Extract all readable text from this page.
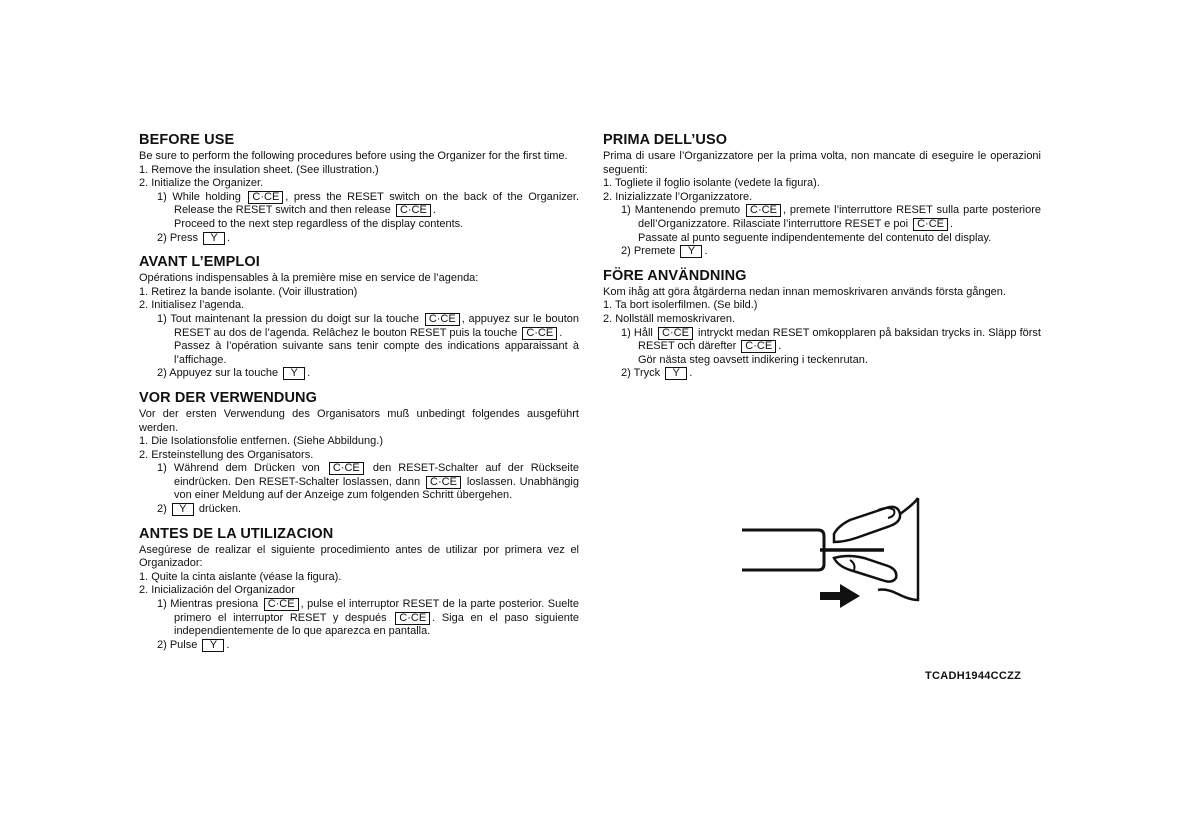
BEFORE USE

Be sure to perform the following procedures before using the Organizer for the first time.

1. Remove the insulation sheet. (See illustration.)

2. Initialize the Organizer.

1) While holding C·CE , press the RESET switch on the back of the Organizer. Release the RESET switch and then release C·CE .

Proceed to the next step regardless of the display contents.

2) Press Y .

AVANT L’EMPLOI

Opérations indispensables à la première mise en service de l’agenda:

1. Retirez la bande isolante. (Voir illustration)

2. Initialisez l’agenda.

1) Tout maintenant la pression du doigt sur la touche C·CE , appuyez sur le bouton RESET au dos de l’agenda. Relâchez le bouton RESET puis la touche C·CE .

Passez à l’opération suivante sans tenir compte des indications apparaissant à l’affichage.

2) Appuyez sur la touche Y .

VOR DER VERWENDUNG

Vor der ersten Verwendung des Organisators muß unbedingt folgendes ausgeführt werden.

1. Die Isolationsfolie entfernen. (Siehe Abbildung.)

2. Ersteinstellung des Organisators.

1) Während dem Drücken von C·CE den RESET-Schalter auf der Rückseite eindrücken. Den RESET-Schalter loslassen, dann C·CE loslassen. Unabhängig von einer Meldung auf der Anzeige zum folgenden Schritt übergehen.

2) Y drücken.

ANTES DE LA UTILIZACION

Asegúrese de realizar el siguiente procedimiento antes de utilizar por primera vez el Organizador:

1. Quite la cinta aislante (véase la figura).

2. Inicialización del Organizador

1) Mientras presiona C·CE , pulse el interruptor RESET de la parte posterior. Suelte primero el interruptor RESET y después C·CE . Siga en el paso siguiente independientemente de lo que aparezca en pantalla.

2) Pulse Y .

PRIMA DELL’USO

Prima di usare l’Organizzatore per la prima volta, non mancate di eseguire le operazioni seguenti:

1. Togliete il foglio isolante (vedete la figura).

2. Inizializzate l’Organizzatore.

1) Mantenendo premuto C·CE , premete l’interruttore RESET sulla parte posteriore dell’Organizzatore. Rilasciate l’interruttore RESET e poi C·CE .

Passate al punto seguente indipendentemente del contenuto del display.

2) Premete Y .

FÖRE ANVÄNDNING

Kom ihåg att göra åtgärderna nedan innan memoskrivaren används första gången.

1. Ta bort isolerfilmen. (Se bild.)

2. Nollställ memoskrivaren.

1) Håll C·CE intryckt medan RESET omkopplaren på baksidan trycks in. Släpp först RESET och därefter C·CE .

Gör nästa steg oavsett indikering i teckenrutan.

2) Tryck Y .

TCADH1944CCZZ
